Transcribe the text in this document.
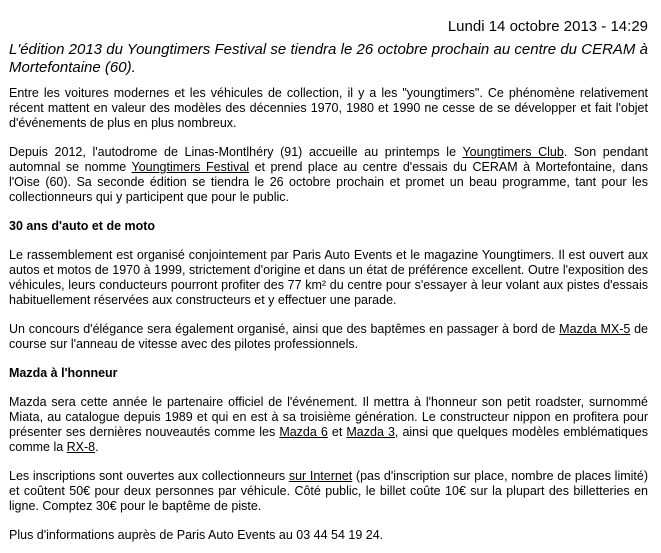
Lundi 14 octobre 2013 - 14:29
L'édition 2013 du Youngtimers Festival se tiendra le 26 octobre prochain au centre du CERAM à Mortefontaine (60).

Entre les voitures modernes et les véhicules de collection, il y a les "youngtimers". Ce phénomène relativement récent mattent en valeur des modèles des décennies 1970, 1980 et 1990 ne cesse de se développer et fait l'objet d'événements de plus en plus nombreux.

Depuis 2012, l'autodrome de Linas-Montlhéry (91) accueille au printemps le Youngtimers Club. Son pendant automnal se nomme Youngtimers Festival et prend place au centre d'essais du CERAM à Mortefontaine, dans l'Oise (60). Sa seconde édition se tiendra le 26 octobre prochain et promet un beau programme, tant pour les collectionneurs qui y participent que pour le public.

30 ans d'auto et de moto

Le rassemblement est organisé conjointement par Paris Auto Events et le magazine Youngtimers. Il est ouvert aux autos et motos de 1970 à 1999, strictement d'origine et dans un état de préférence excellent. Outre l'exposition des véhicules, leurs conducteurs pourront profiter des 77 km² du centre pour s'essayer à leur volant aux pistes d'essais habituellement réservées aux constructeurs et y effectuer une parade.

Un concours d'élégance sera également organisé, ainsi que des baptêmes en passager à bord de Mazda MX-5 de course sur l'anneau de vitesse avec des pilotes professionnels.

Mazda à l'honneur

Mazda sera cette année le partenaire officiel de l'événement. Il mettra à l'honneur son petit roadster, surnommé Miata, au catalogue depuis 1989 et qui en est à sa troisième génération. Le constructeur nippon en profitera pour présenter ses dernières nouveautés comme les Mazda 6 et Mazda 3, ainsi que quelques modèles emblématiques comme la RX-8.

Les inscriptions sont ouvertes aux collectionneurs sur Internet (pas d'inscription sur place, nombre de places limité) et coûtent 50€ pour deux personnes par véhicule. Côté public, le billet coûte 10€ sur la plupart des billetteries en ligne. Comptez 30€ pour le baptême de piste.

Plus d'informations auprès de Paris Auto Events au 03 44 54 19 24.
